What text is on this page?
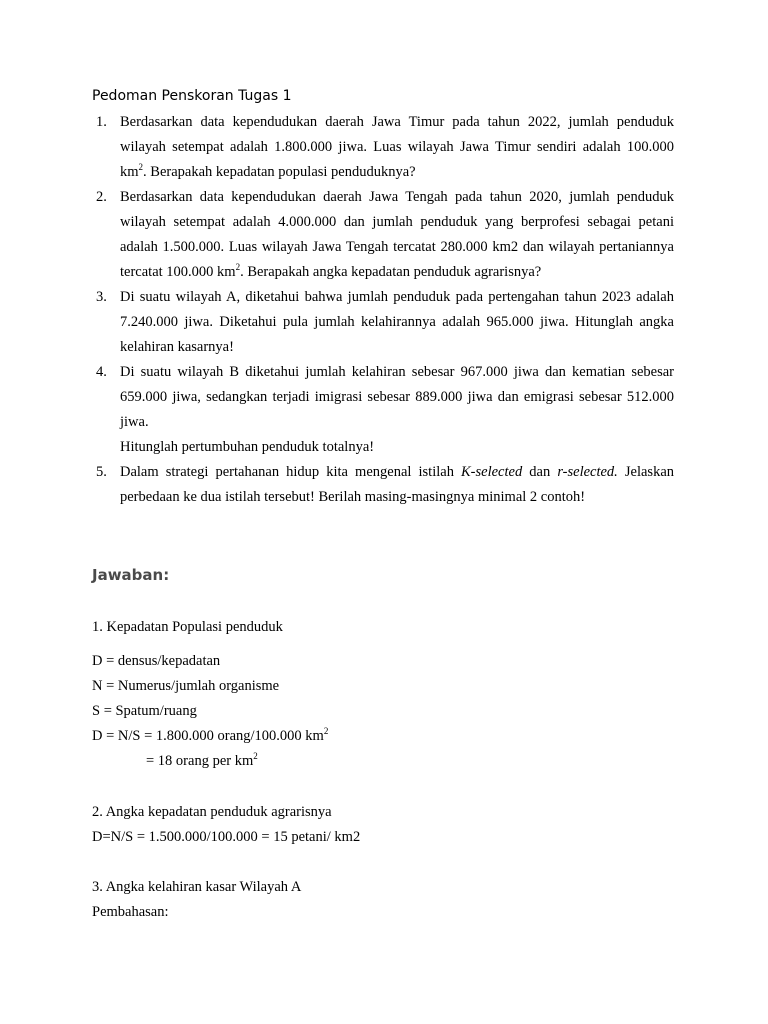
Pedoman Penskoran Tugas 1
1. Berdasarkan data kependudukan daerah Jawa Timur pada tahun 2022, jumlah penduduk wilayah setempat adalah 1.800.000 jiwa. Luas wilayah Jawa Timur sendiri adalah 100.000 $km^2$. Berapakah kepadatan populasi penduduknya?
2. Berdasarkan data kependudukan daerah Jawa Tengah pada tahun 2020, jumlah penduduk wilayah setempat adalah 4.000.000 dan jumlah penduduk yang berprofesi sebagai petani adalah 1.500.000. Luas wilayah Jawa Tengah tercatat 280.000 km2 dan wilayah pertaniannya tercatat 100.000 $km^2$. Berapakah angka kepadatan penduduk agrarisnya?
3. Di suatu wilayah A, diketahui bahwa jumlah penduduk pada pertengahan tahun 2023 adalah 7.240.000 jiwa. Diketahui pula jumlah kelahirannya adalah 965.000 jiwa. Hitunglah angka kelahiran kasarnya!
4. Di suatu wilayah B diketahui jumlah kelahiran sebesar 967.000 jiwa dan kematian sebesar 659.000 jiwa, sedangkan terjadi imigrasi sebesar 889.000 jiwa dan emigrasi sebesar 512.000 jiwa.
Hitunglah pertumbuhan penduduk totalnya!
5. Dalam strategi pertahanan hidup kita mengenal istilah K-selected dan r-selected. Jelaskan perbedaan ke dua istilah tersebut! Berilah masing-masingnya minimal 2 contoh!
Jawaban:
1. Kepadatan Populasi penduduk
D = densus/kepadatan
N = Numerus/jumlah organisme
S = Spatum/ruang
D = N/S = 1.800.000 orang/100.000 $km^2$
= 18 orang per $km^2$
2. Angka kepadatan penduduk agrarisnya
D=N/S = 1.500.000/100.000 = 15 petani/ km2
3. Angka kelahiran kasar Wilayah A
Pembahasan:
